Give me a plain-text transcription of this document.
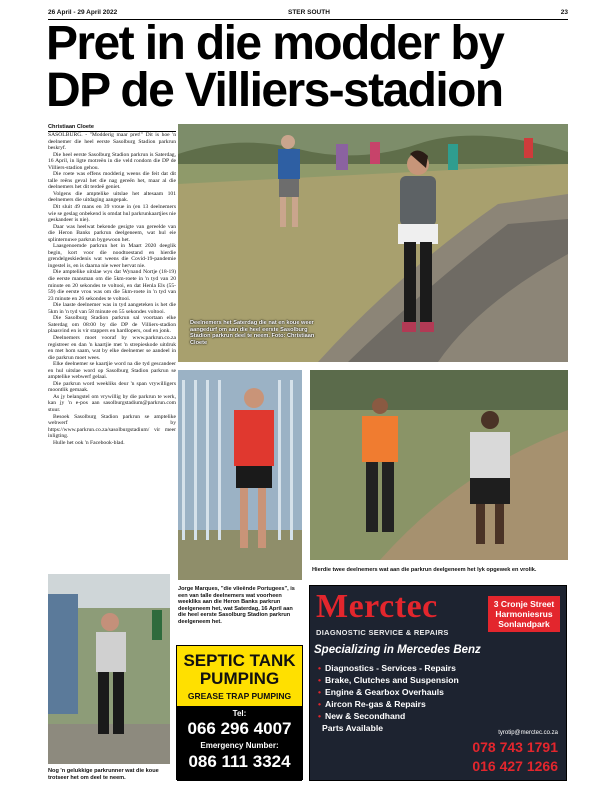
26 April - 29 April 2022	STER SOUTH	23
Pret in die modder by
DP de Villiers-stadion
Christiaan Cloete

SASOLBURG. - "Modderig maar pret!" Dit is hoe 'n deelnemer die heel eerste Sasolburg Stadion parkrun beskryf.

Die heel eerste Sasolburg Stadion parkrun is Saterdag, 16 April, in ligte motreën in die veld rondom die DP de Villiers-stadion gehou.

Die roete was effens modderig weens die feit dat dit talle reëns geval het die nag gereën het, maar al die deelnemers het dit terdeë geniet.

Volgens die amptelike uitslae het altesaam 101 deelnemers die uitdaging aangepak.

Dit sluit 49 mans en 39 vroue in (en 13 deelnemers wie se geslag onbekend is omdat hul parkrunkaartjies nie geskandeer is nie).

Daar was heelwat bekende gesigte van gereelde van die Heron Banks parkrun deelgeneem, wat hul eie splinternuwe parkrun bygewoon het.

Laasgenoemde parkrun het in Maart 2020 deeglik begin, kort voor die noodtoestand en hierdie grendelgeskiedenis wat weens die Covid-19-pandemie ingestel is, en is daarna nie weer hervat nie.

Die amptelike uitslae wys dat Wynand Nortje (18-19) die eerste mansman om die 5km-roete in 'n tyd van 20 minute en 20 sekondes te voltooi, en dat Henla Els (55-59) die eerste vrou was om die 5km-roete in 'n tyd van 23 minute en 26 sekondes te voltooi.

Die laaste deelnemer was in tyd aangeteken is het die 5km in 'n tyd van 58 minute en 55 sekondes voltooi.

Die Sasolburg Stadion parkrun sal voortaan elke Saterdag om 08:00 by die DP de Villiers-stadion plaasvind en is vir stappers en hardlopers, oud en jonk.

Deelnemers moet vooraf by www.parkrun.co.za registreer en dan 'n kaartjie met 'n strepieskode uitdruk en met hom saam, wat by elke deelnemer se aandeel in die parkrun moet wees.

Elke deelnemer se kaartjie word na die tyd gescandeer en hul uitslae word op Sasolburg Stadion parkrun se amptelike webwerf gelaai.

Die parkrun word weekliks deur 'n span vrywilligers moontlik gemaak.

As jy belangstel om vrywillig by die parkrun te werk, kan jy 'n e-pos aan sasolburgstadium@parkrun.com stuur.

Besoek Sasolburg Stadion parkrun se amptelike webwerf by https://www.parkrun.co.za/sasolburgstadium/ vir meer inligting.

Hulle het ook 'n Facebook-blad.

Deelnemers het Saterdag die nat en koue weer aangedurf om aan die heel eerste Sasolburg Stadion parkrun deel te neem. Foto: Christiaan Cloete
Hierdie twee deelnemers wat aan die parkrun deelgeneem het lyk opgewek en vrolik.
Nog 'n gelukkige parkrunner wat die koue trotseer het om deel te neem.
Jorge Marques, "die vlieënde Portugees", is een van talle deelnemers wat voorheen weekliks aan die Heron Banks parkrun deelgeneem het, wat Saterdag, 16 April aan die heel eerste Sasolburg Stadion parkrun deelgeneem het.
SEPTIC TANK
PUMPING
GREASE TRAP PUMPING
Tel:
066 296 4007
Emergency Number:
086 111 3324
Merctec	3 Cronje Street
Harmoniesrus
Sonlandpark
DIAGNOSTIC SERVICE & REPAIRS
Specializing in Mercedes Benz
• Diagnostics - Services - Repairs
• Brake, Clutches and Suspension
• Engine & Gearbox Overhauls
• Aircon Re-gas & Repairs
• New & Secondhand
Parts Available	tyrotip@merctec.co.za
078 743 1791
016 427 1266
